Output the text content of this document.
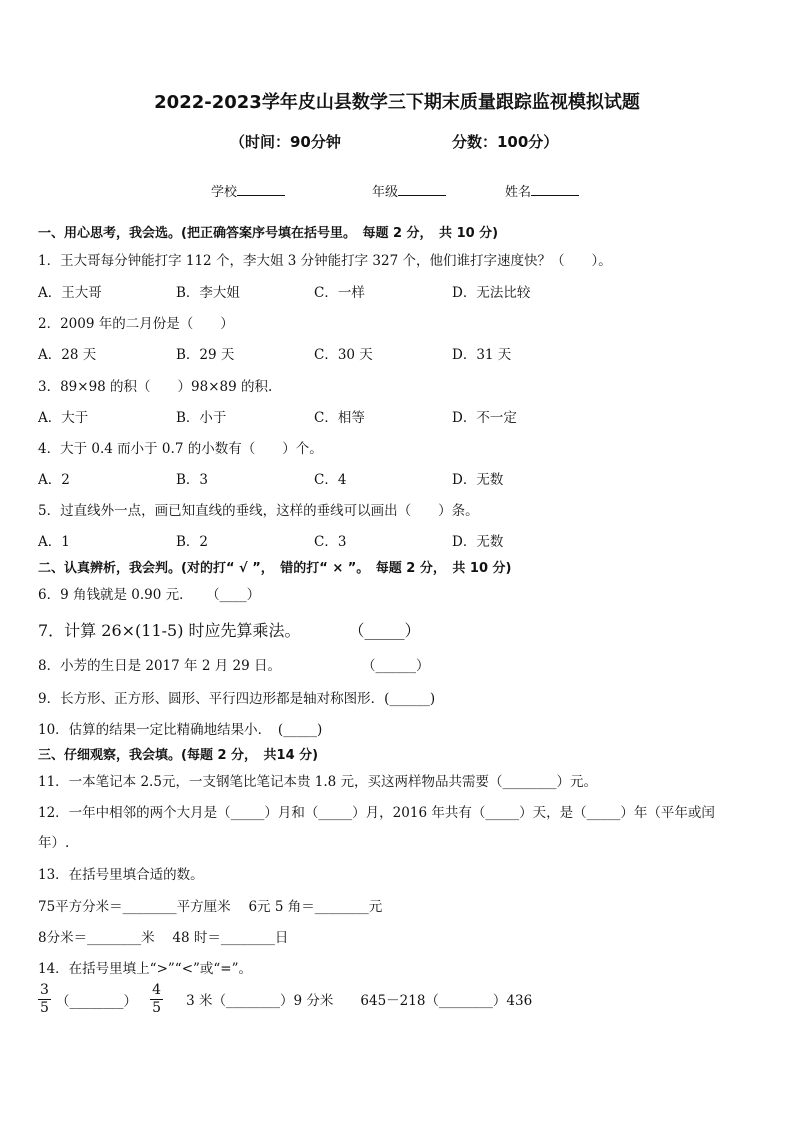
2022-2023学年皮山县数学三下期末质量跟踪监视模拟试题
（时间：90分钟	分数：100分）
学校	年级	姓名
一、用心思考，我会选。(把正确答案序号填在括号里。　每题 2 分，　共 10 分)
1．王大哥每分钟能打字 112 个，李大姐 3 分钟能打字 327 个，他们谁打字速度快？（　　）。
A．王大哥	B．李大姐	C．一样	D．无法比较
2．2009 年的二月份是（　　）
A．28 天	B．29 天	C．30 天	D．31 天
3．89×98 的积（　　）98×89 的积.
A．大于	B．小于	C．相等	D．不一定
4．大于 0.4 而小于 0.7 的小数有（　　）个。
A．2	B．3	C．4	D．无数
5．过直线外一点，画已知直线的垂线，这样的垂线可以画出（　　）条。
A．1	B．2	C．3	D．无数
二、认真辨析，我会判。(对的打“ √ ”，　错的打“ × ”。　每题 2 分，　共 10 分)
6．9 角钱就是 0.90 元．　　（____）
7．计算 26×(11-5) 时应先算乘法。　　　　（_____）
8．小芳的生日是 2017 年 2 月 29 日。　　　　　　　（______）
9．长方形、正方形、圆形、平行四边形都是轴对称图形．(______)
10．估算的结果一定比精确地结果小．　(_____)
三、仔细观察，我会填。(每题 2 分，　共14 分)
11．一本笔记本 2.5元，一支钢笔比笔记本贵 1.8 元，买这两样物品共需要（________）元。
12．一年中相邻的两个大月是（_____）月和（_____）月，2016 年共有（_____）天，是（_____）年（平年或闰
年）.
13．在括号里填合适的数。
75平方分米＝________平方厘米　 6元 5 角＝________元
8分米＝________米　 48 时＝________日
14．在括号里填上“>”“<”或“=”。
$\frac{3}{5}$ （________） $\frac{4}{5} 3$ 米（________）9 分米　　645－218（________）436
